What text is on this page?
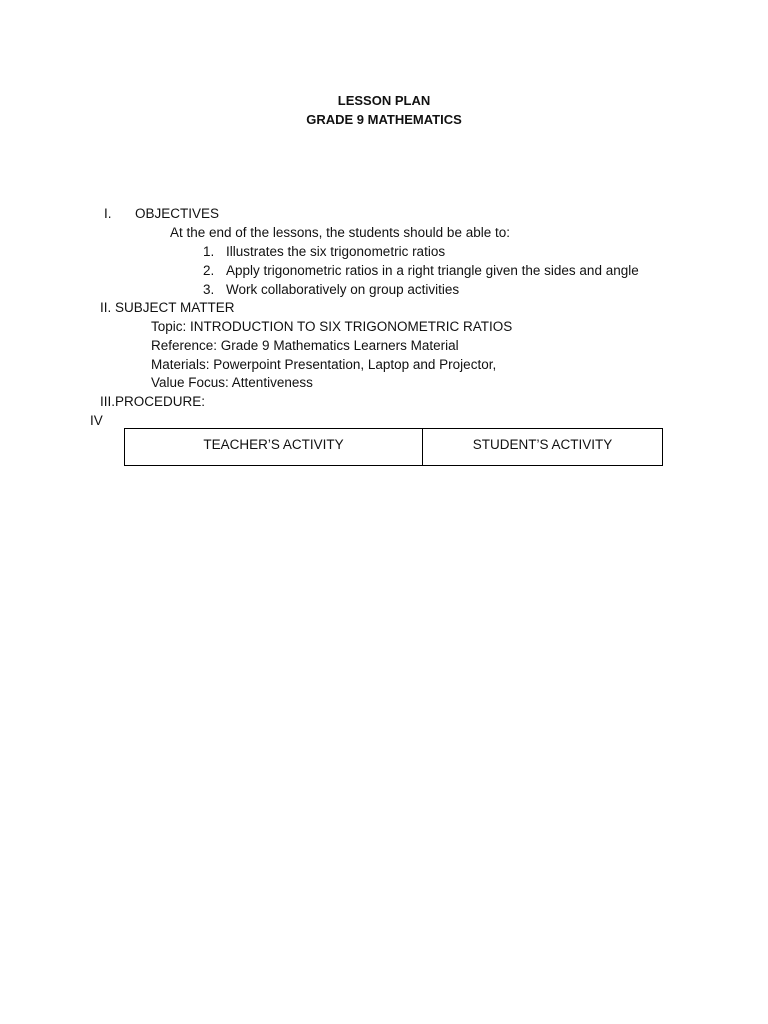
LESSON PLAN
GRADE 9 MATHEMATICS
I. OBJECTIVES
At the end of the lessons, the students should be able to:
1. Illustrates the six trigonometric ratios
2. Apply trigonometric ratios in a right triangle given the sides and angle
3. Work collaboratively on group activities
II. SUBJECT MATTER
Topic: INTRODUCTION TO SIX TRIGONOMETRIC RATIOS
Reference: Grade 9 Mathematics Learners Material
Materials: Powerpoint Presentation, Laptop and Projector,
Value Focus: Attentiveness
III.PROCEDURE:
IV
TEACHER’S ACTIVITY	STUDENT’S ACTIVITY
